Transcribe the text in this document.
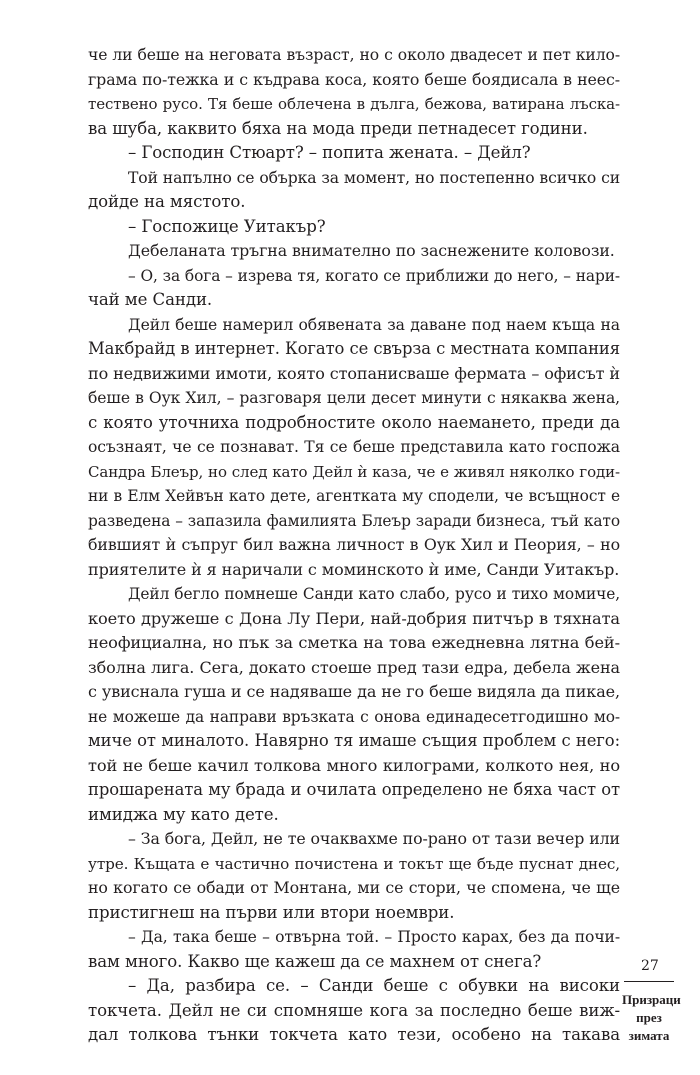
че ли беше на неговата възраст, но с около двадесет и пет кило-
грама по-тежка и с къдрава коса, която беше боядисала в неес-
тествено русо. Тя беше облечена в дълга, бежова, ватирана лъска-
ва шуба, каквито бяха на мода преди петнадесет години.
– Господин Стюарт? – попита жената. – Дейл?
Той напълно се обърка за момент, но постепенно всичко си
дойде на мястото.
– Госпожице Уитакър?
Дебеланата тръгна внимателно по заснежените коловози.
– О, за бога – изрева тя, когато се приближи до него, – нари-
чай ме Санди.
Дейл беше намерил обявената за даване под наем къща на
Макбрайд в интернет. Когато се свърза с местната компания
по недвижими имоти, която стопанисваше фермата – офисът ѝ
беше в Оук Хил, – разговаря цели десет минути с някаква жена,
с която уточниха подробностите около наемането, преди да
осъзнаят, че се познават. Тя се беше представила като госпожа
Сандра Блеър, но след като Дейл ѝ каза, че е живял няколко годи-
ни в Елм Хейвън като дете, агентката му сподели, че всъщност е
разведена – запазила фамилията Блеър заради бизнеса, тъй като
бившият ѝ съпруг бил важна личност в Оук Хил и Пеория, – но
приятелите ѝ я наричали с моминското ѝ име, Санди Уитакър.
Дейл бегло помнеше Санди като слабо, русо и тихо момиче,
което дружеше с Дона Лу Пери, най-добрия питчър в тяхната
неофициална, но пък за сметка на това ежедневна лятна бей-
зболна лига. Сега, докато стоеше пред тази едра, дебела жена
с увиснала гуша и се надяваше да не го беше видяла да пикае,
не можеше да направи връзката с онова единадесетгодишно мо-
миче от миналото. Навярно тя имаше същия проблем с него:
той не беше качил толкова много килограми, колкото нея, но
прошарената му брада и очилата определено не бяха част от
имиджа му като дете.
– За бога, Дейл, не те очаквахме по-рано от тази вечер или
утре. Къщата е частично почистена и токът ще бъде пуснат днес,
но когато се обади от Монтана, ми се стори, че спомена, че ще
пристигнеш на първи или втори ноември.
– Да, така беше – отвърна той. – Просто карах, без да почи-
вам много. Какво ще кажеш да се махнем от снега?
– Да, разбира се. – Санди беше с обувки на високи
токчета. Дейл не си спомняше кога за последно беше виж-
дал толкова тънки токчета като тези, особено на такава
27
Призраци
през зимата
